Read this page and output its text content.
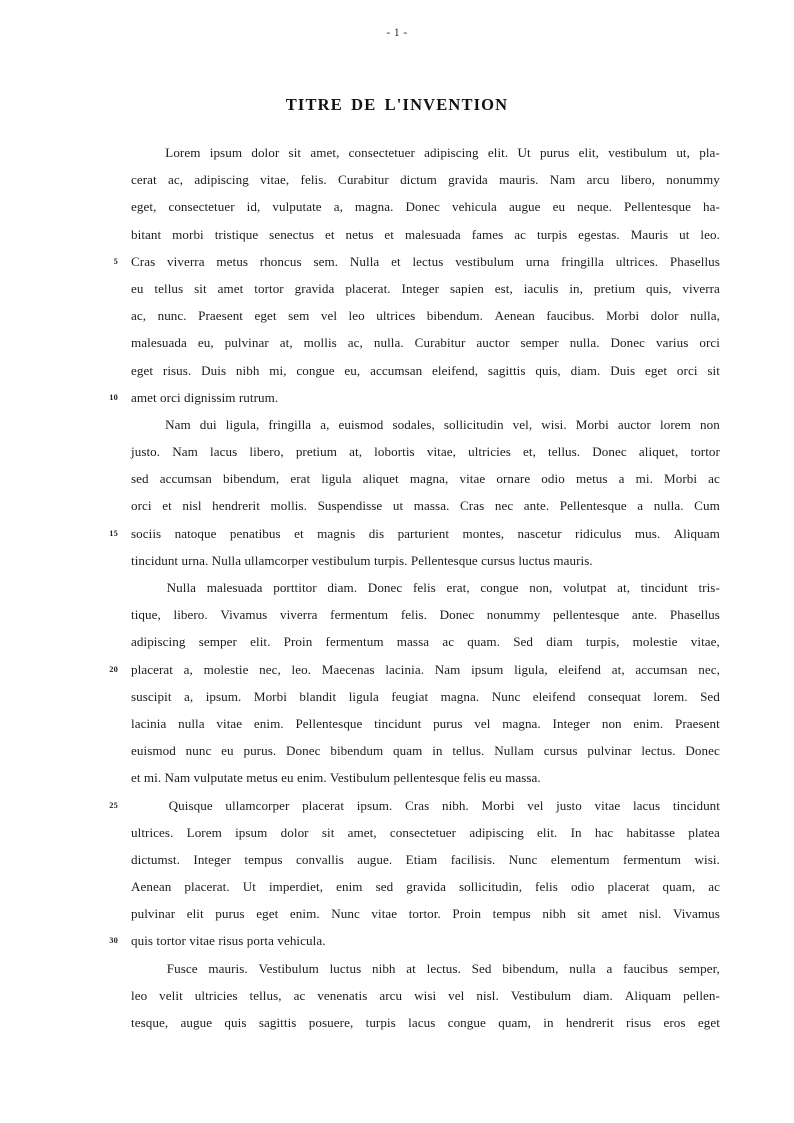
- 1 -
TITRE DE L'INVENTION
Lorem ipsum dolor sit amet, consectetuer adipiscing elit. Ut purus elit, vestibulum ut, pla-
cerat ac, adipiscing vitae, felis. Curabitur dictum gravida mauris. Nam arcu libero, nonummy
eget, consectetuer id, vulputate a, magna. Donec vehicula augue eu neque. Pellentesque ha-
bitant morbi tristique senectus et netus et malesuada fames ac turpis egestas. Mauris ut leo.
5 Cras viverra metus rhoncus sem. Nulla et lectus vestibulum urna fringilla ultrices. Phasellus
eu tellus sit amet tortor gravida placerat. Integer sapien est, iaculis in, pretium quis, viverra
ac, nunc. Praesent eget sem vel leo ultrices bibendum. Aenean faucibus. Morbi dolor nulla,
malesuada eu, pulvinar at, mollis ac, nulla. Curabitur auctor semper nulla. Donec varius orci
eget risus. Duis nibh mi, congue eu, accumsan eleifend, sagittis quis, diam. Duis eget orci sit
10 amet orci dignissim rutrum.
Nam dui ligula, fringilla a, euismod sodales, sollicitudin vel, wisi. Morbi auctor lorem non
justo. Nam lacus libero, pretium at, lobortis vitae, ultricies et, tellus. Donec aliquet, tortor
sed accumsan bibendum, erat ligula aliquet magna, vitae ornare odio metus a mi. Morbi ac
orci et nisl hendrerit mollis. Suspendisse ut massa. Cras nec ante. Pellentesque a nulla. Cum
15 sociis natoque penatibus et magnis dis parturient montes, nascetur ridiculus mus. Aliquam
tincidunt urna. Nulla ullamcorper vestibulum turpis. Pellentesque cursus luctus mauris.
Nulla malesuada porttitor diam. Donec felis erat, congue non, volutpat at, tincidunt tris-
tique, libero. Vivamus viverra fermentum felis. Donec nonummy pellentesque ante. Phasellus
adipiscing semper elit. Proin fermentum massa ac quam. Sed diam turpis, molestie vitae,
20 placerat a, molestie nec, leo. Maecenas lacinia. Nam ipsum ligula, eleifend at, accumsan nec,
suscipit a, ipsum. Morbi blandit ligula feugiat magna. Nunc eleifend consequat lorem. Sed
lacinia nulla vitae enim. Pellentesque tincidunt purus vel magna. Integer non enim. Praesent
euismod nunc eu purus. Donec bibendum quam in tellus. Nullam cursus pulvinar lectus. Donec
et mi. Nam vulputate metus eu enim. Vestibulum pellentesque felis eu massa.
25	Quisque ullamcorper placerat ipsum. Cras nibh. Morbi vel justo vitae lacus tincidunt
ultrices. Lorem ipsum dolor sit amet, consectetuer adipiscing elit. In hac habitasse platea
dictumst. Integer tempus convallis augue. Etiam facilisis. Nunc elementum fermentum wisi.
Aenean placerat. Ut imperdiet, enim sed gravida sollicitudin, felis odio placerat quam, ac
pulvinar elit purus eget enim. Nunc vitae tortor. Proin tempus nibh sit amet nisl. Vivamus
30 quis tortor vitae risus porta vehicula.
Fusce mauris. Vestibulum luctus nibh at lectus. Sed bibendum, nulla a faucibus semper,
leo velit ultricies tellus, ac venenatis arcu wisi vel nisl. Vestibulum diam. Aliquam pellen-
tesque, augue quis sagittis posuere, turpis lacus congue quam, in hendrerit risus eros eget
